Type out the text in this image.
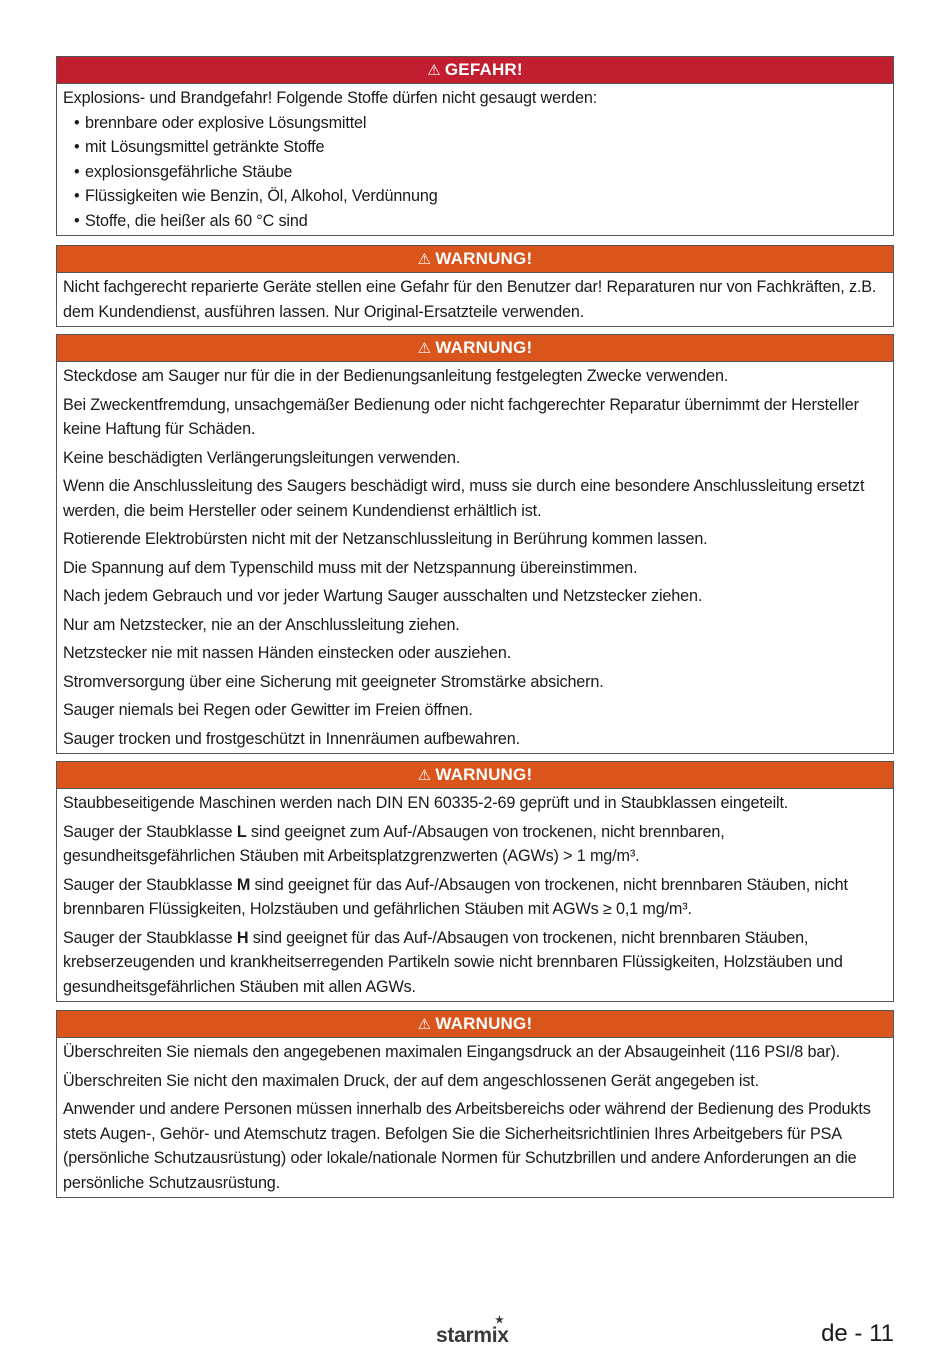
⚠ GEFAHR!

Explosions- und Brandgefahr! Folgende Stoffe dürfen nicht gesaugt werden:

• brennbare oder explosive Lösungsmittel
• mit Lösungsmittel getränkte Stoffe
• explosionsgefährliche Stäube
• Flüssigkeiten wie Benzin, Öl, Alkohol, Verdünnung
• Stoffe, die heißer als 60 °C sind
⚠ WARNUNG!

Nicht fachgerecht reparierte Geräte stellen eine Gefahr für den Benutzer dar! Reparaturen nur von Fachkräften, z.B. dem Kundendienst, ausführen lassen. Nur Original-Ersatzteile verwenden.

⚠ WARNUNG!

Steckdose am Sauger nur für die in der Bedienungsanleitung festgelegten Zwecke verwenden.

Bei Zweckentfremdung, unsachgemäßer Bedienung oder nicht fachgerechter Reparatur übernimmt der Hersteller keine Haftung für Schäden.

Keine beschädigten Verlängerungsleitungen verwenden.

Wenn die Anschlussleitung des Saugers beschädigt wird, muss sie durch eine besondere Anschlussleitung ersetzt werden, die beim Hersteller oder seinem Kundendienst erhältlich ist.

Rotierende Elektrobürsten nicht mit der Netzanschlussleitung in Berührung kommen lassen.

Die Spannung auf dem Typenschild muss mit der Netzspannung übereinstimmen.

Nach jedem Gebrauch und vor jeder Wartung Sauger ausschalten und Netzstecker ziehen.

Nur am Netzstecker, nie an der Anschlussleitung ziehen.

Netzstecker nie mit nassen Händen einstecken oder ausziehen.

Stromversorgung über eine Sicherung mit geeigneter Stromstärke absichern.

Sauger niemals bei Regen oder Gewitter im Freien öffnen.

Sauger trocken und frostgeschützt in Innenräumen aufbewahren.

⚠ WARNUNG!

Staubbeseitigende Maschinen werden nach DIN EN 60335-2-69 geprüft und in Staubklassen eingeteilt.

Sauger der Staubklasse L sind geeignet zum Auf-/Absaugen von trockenen, nicht brennbaren, gesundheitsgefährlichen Stäuben mit Arbeitsplatzgrenzwerten (AGWs) > 1 mg/m³.

Sauger der Staubklasse M sind geeignet für das Auf-/Absaugen von trockenen, nicht brennbaren Stäuben, nicht brennbaren Flüssigkeiten, Holzstäuben und gefährlichen Stäuben mit AGWs ≥ 0,1 mg/m³.

Sauger der Staubklasse H sind geeignet für das Auf-/Absaugen von trockenen, nicht brennbaren Stäuben, krebserzeugenden und krankheitserregenden Partikeln sowie nicht brennbaren Flüssigkeiten, Holzstäuben und gesundheitsgefährlichen Stäuben mit allen AGWs.

⚠ WARNUNG!

Überschreiten Sie niemals den angegebenen maximalen Eingangsdruck an der Absaugeinheit (116 PSI/8 bar).

Überschreiten Sie nicht den maximalen Druck, der auf dem angeschlossenen Gerät angegeben ist.

Anwender und andere Personen müssen innerhalb des Arbeitsbereichs oder während der Bedienung des Produkts stets Augen-, Gehör- und Atemschutz tragen. Befolgen Sie die Sicherheitsrichtlinien Ihres Arbeitgebers für PSA (persönliche Schutzausrüstung) oder lokale/nationale Normen für Schutzbrillen und andere Anforderungen an die persönliche Schutzausrüstung.

starmix
★	de - 11
